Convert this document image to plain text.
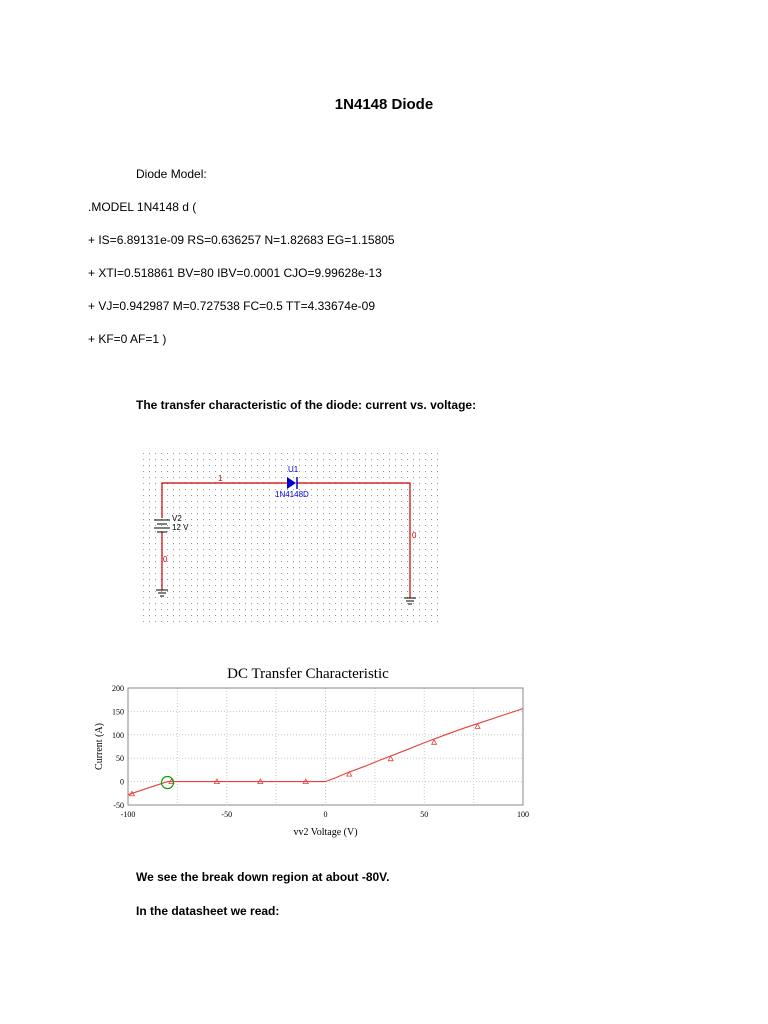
1N4148 Diode
Diode Model:
.MODEL 1N4148 d (
+ IS=6.89131e-09 RS=0.636257 N=1.82683 EG=1.15805
+ XTI=0.518861 BV=80 IBV=0.0001 CJO=9.99628e-13
+ VJ=0.942987 M=0.727538 FC=0.5 TT=4.33674e-09
+ KF=0 AF=1 )
The transfer characteristic of the diode: current vs. voltage:
U1
1N4148D
1
V2
12 V
0
0
DC Transfer Characteristic
200
150
100
50
0
-50
-100	-50	0	50	100
Current (A)
vv2 Voltage (V)
We see the break down region at about -80V.
In the datasheet we read:
